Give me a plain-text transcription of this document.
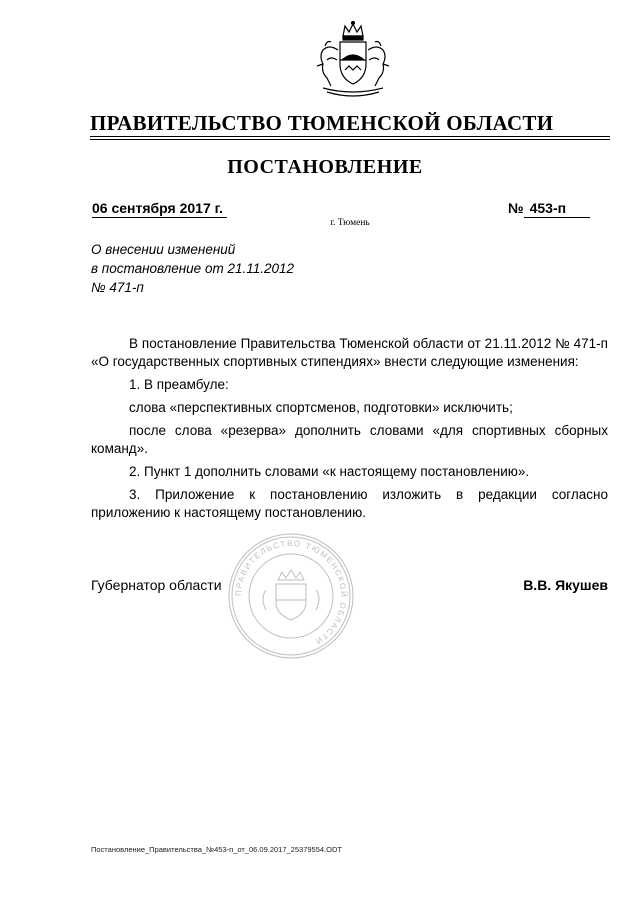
ПРАВИТЕЛЬСТВО ТЮМЕНСКОЙ ОБЛАСТИ
ПОСТАНОВЛЕНИЕ
06 сентября 2017 г.	№ 453-п
г. Тюмень
О внесении изменений
в постановление от 21.11.2012
№ 471-п

В постановление Правительства Тюменской области от 21.11.2012 № 471-п «О государственных спортивных стипендиях» внести следующие изменения:

1. В преамбуле:

слова «перспективных спортсменов, подготовки» исключить;

после слова «резерва» дополнить словами «для спортивных сборных команд».

2. Пункт 1 дополнить словами «к настоящему постановлению».

3. Приложение к постановлению изложить в редакции согласно приложению к настоящему постановлению.

ПРАВИТЕЛЬСТВО ТЮМЕНСКОЙ ОБЛАСТИ
Губернатор области	В.В. Якушев
Постановление_Правительства_№453-п_от_06.09.2017_25379554.ODT
